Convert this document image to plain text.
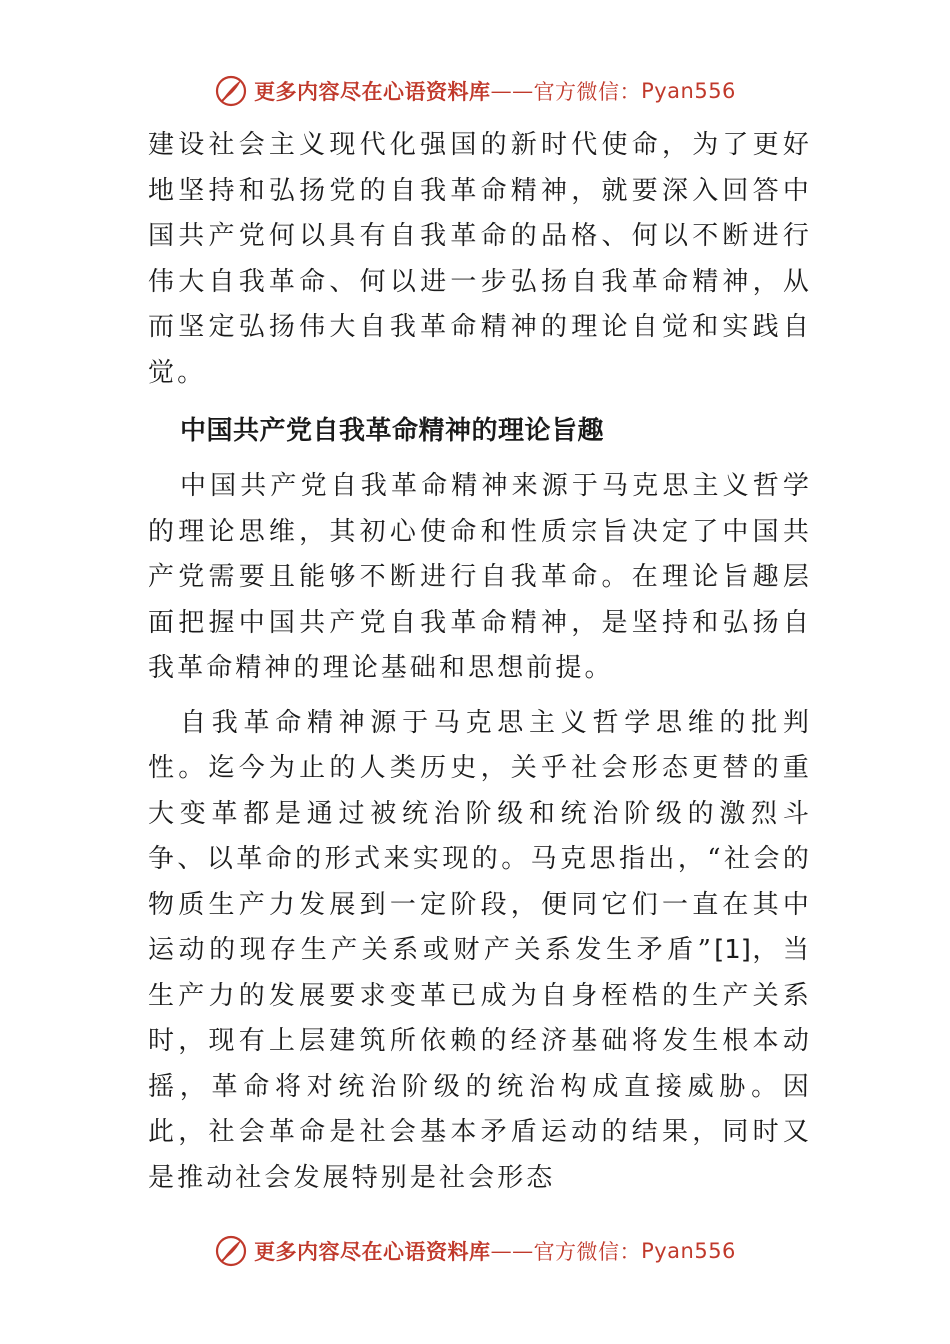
更多内容尽在心语资料库 —— 官方微信： Pyan556

建设社会主义现代化强国的新时代使命，为了更好地坚持和弘扬党的自我革命精神，就要深入回答中国共产党何以具有自我革命的品格、何以不断进行伟大自我革命、何以进一步弘扬自我革命精神，从而坚定弘扬伟大自我革命精神的理论自觉和实践自觉。

中国共产党自我革命精神的理论旨趣

中国共产党自我革命精神来源于马克思主义哲学的理论思维，其初心使命和性质宗旨决定了中国共产党需要且能够不断进行自我革命。在理论旨趣层面把握中国共产党自我革命精神，是坚持和弘扬自我革命精神的理论基础和思想前提。

自我革命精神源于马克思主义哲学思维的批判性。迄今为止的人类历史，关乎社会形态更替的重大变革都是通过被统治阶级和统治阶级的激烈斗争、以革命的形式来实现的。马克思指出，“社会的物质生产力发展到一定阶段，便同它们一直在其中运动的现存生产关系或财产关系发生矛盾”[1]，当生产力的发展要求变革已成为自身桎梏的生产关系时，现有上层建筑所依赖的经济基础将发生根本动摇，革命将对统治阶级的统治构成直接威胁。因此，社会革命是社会基本矛盾运动的结果，同时又是推动社会发展特别是社会形态

更多内容尽在心语资料库 —— 官方微信： Pyan556
